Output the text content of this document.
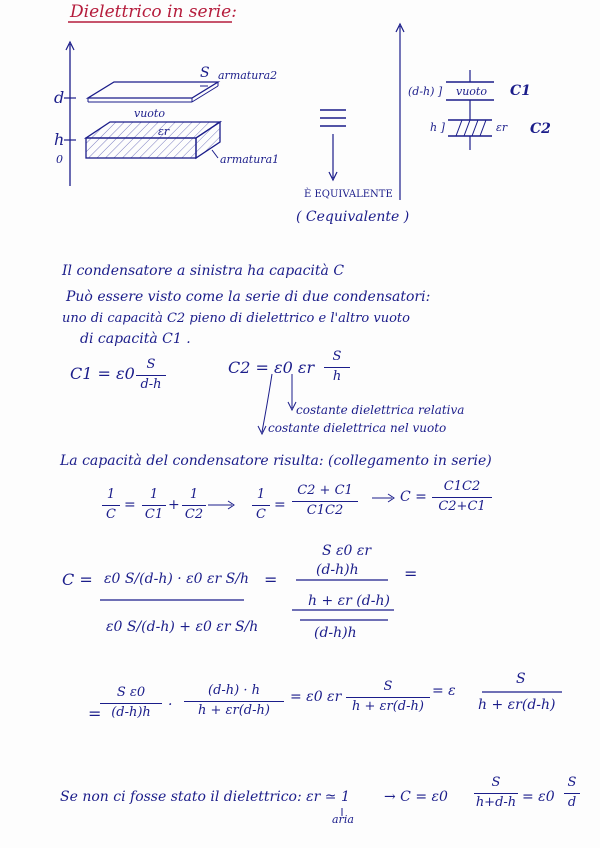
Dielettrico in serie:
d
h
0
S armatura2
vuoto
εr
armatura1
È EQUIVALENTE
( Cequivalente )
(d-h) ] vuoto C1
h ]	εr C2
Il condensatore a sinistra ha capacità C
Può essere visto come la serie di due condensatori:
uno di capacità C2 pieno di dielettrico e l'altro vuoto
di capacità C1 .
C1 = ε0 S
d-h
C2 = ε0 εr
S
h
costante dielettrica relativa
costante dielettrica nel vuoto
La capacità del condensatore risulta: (collegamento in serie)
1
C
=
1
C1
+
1
C2
1
C
=
C2 + C1
C1C2
C =
C1C2
C2+C1
C = ε0 S/(d-h) · ε0 εr S/h
ε0 S/(d-h) + ε0 εr S/h
=
S ε0 εr
(d-h)h
h + εr (d-h)
(d-h)h
=
=
S ε0
(d-h)h	·
(d-h) · h
h + εr(d-h)
= ε0 εr
S
h + εr(d-h)
= ε
S
h + εr(d-h)
Se non ci fosse stato il dielettrico: εr ≃ 1
aria
→ C = ε0
S
h+d-h = ε0
S
d
